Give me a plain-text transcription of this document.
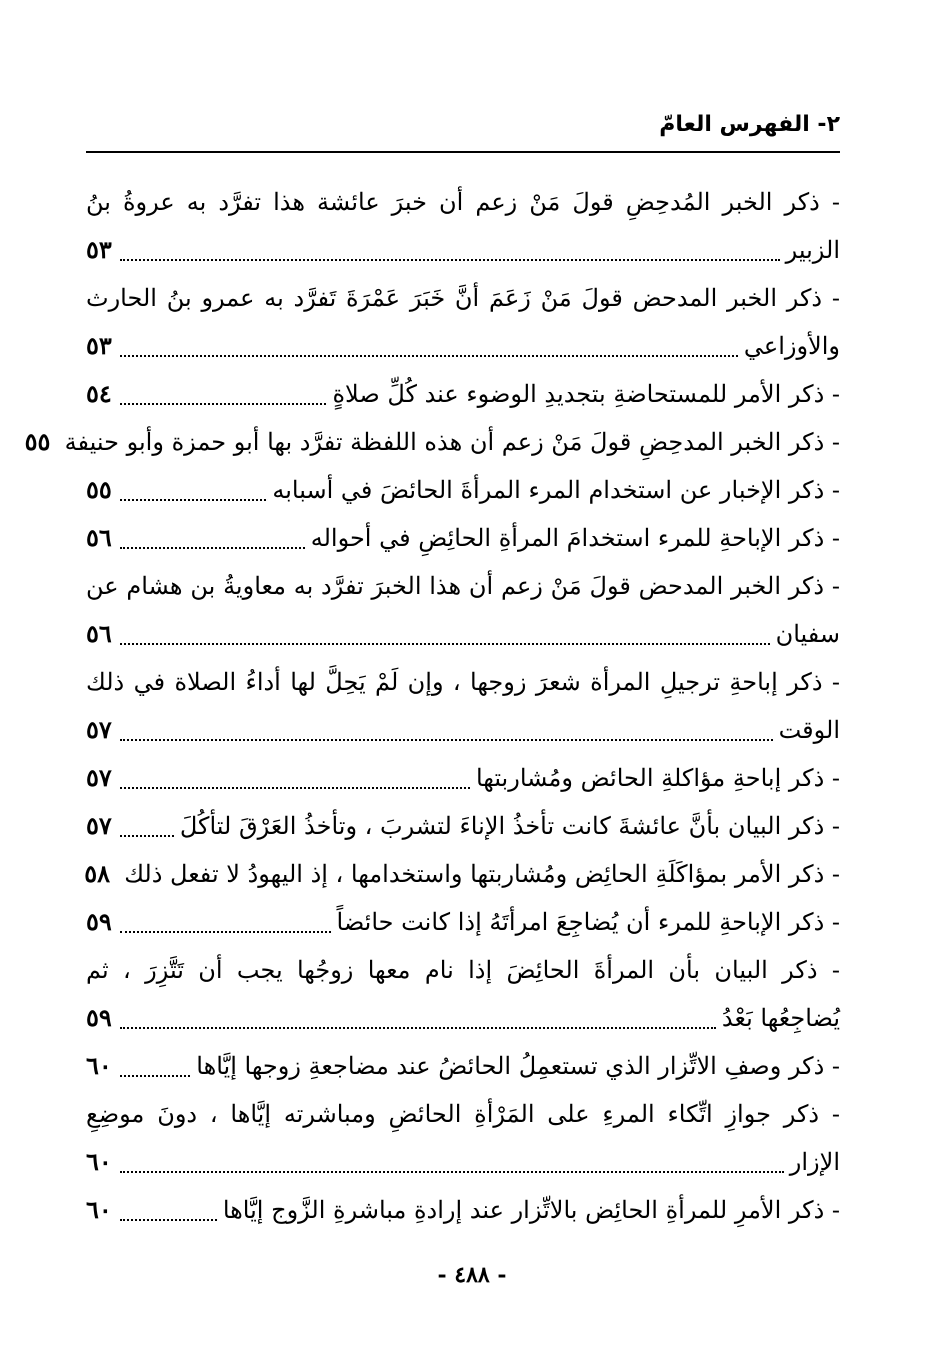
٢- الفهرس العامّ
- ذكر الخبر المُدحِضِ قولَ مَنْ زعم أن خبرَ عائشة هذا تفرَّد به عروةُ بنُ
الزبير
٥٣
- ذكر الخبر المدحض قولَ مَنْ زَعَمَ أنَّ خَبَرَ عَمْرَةَ تَفرَّد به عمرو بنُ الحارث
والأوزاعي
٥٣
- ذكر الأمر للمستحاضةِ بتجديدِ الوضوء عند كُلِّ صلاةٍ
٥٤
- ذكر الخبر المدحِضِ قولَ مَنْ زعم أن هذه اللفظة تفرَّد بها أبو حمزة وأبو حنيفة
٥٥
- ذكر الإخبار عن استخدام المرء المرأةَ الحائضَ في أسبابه
٥٥
- ذكر الإباحةِ للمرء استخدامَ المرأةِ الحائِضِ في أحواله
٥٦
- ذكر الخبر المدحض قولَ مَنْ زعم أن هذا الخبرَ تفرَّد به معاويةُ بن هشام عن
سفيان
٥٦
- ذكر إباحةِ ترجيلِ المرأة شعرَ زوجها ، وإن لَمْ يَحِلَّ لها أداءُ الصلاة في ذلك
الوقت
٥٧
- ذكر إباحةِ مؤاكلةِ الحائض ومُشاربتها
٥٧
- ذكر البيان بأنَّ عائشةَ كانت تأخذُ الإناءَ لتشربَ ، وتأخذُ العَرْقَ لتأكُلَ
٥٧
- ذكر الأمر بمؤاكَلَةِ الحائِض ومُشاربتها واستخدامها ، إذ اليهودُ لا تفعل ذلك
٥٨
- ذكر الإباحةِ للمرء أن يُضاجِعَ امرأتَهُ إذا كانت حائضاً
٥٩
- ذكر البيان بأن المرأةَ الحائِضَ إذا نام معها زوجُها يجب أن تَتَّزِرَ ، ثم
يُضاجِعُها بَعْدُ
٥٩
- ذكر وصفِ الاتِّزار الذي تستعمِلُ الحائضُ عند مضاجعةِ زوجها إيَّاها
٦٠
- ذكر جوازِ اتِّكاء المرءِ على المَرْأةِ الحائضِ ومباشرته إيَّاها ، دونَ موضِعِ
الإزار
٦٠
- ذكر الأمرِ للمرأةِ الحائِض بالاتِّزار عند إرادةِ مباشرةِ الزَّوج إيَّاها
٦٠
- ٤٨٨ -
